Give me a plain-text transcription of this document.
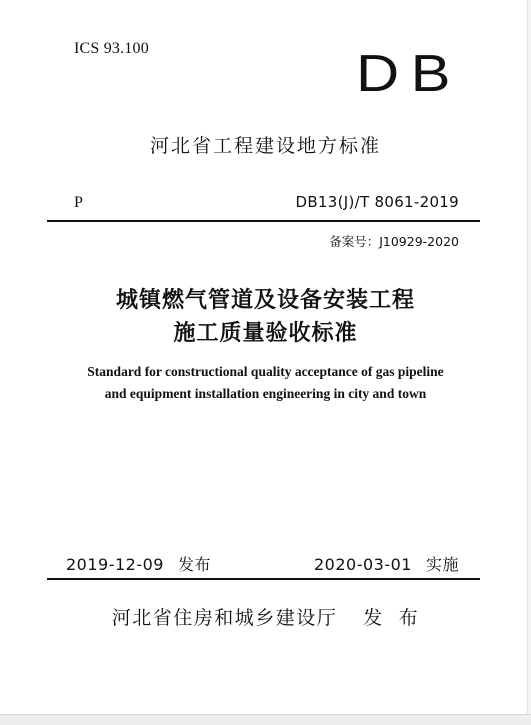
ICS 93.100	DB
河北省工程建设地方标准
P	DB13(J)/T 8061-2019
备案号：J10929-2020
城镇燃气管道及设备安装工程
施工质量验收标准
Standard for constructional quality acceptance of gas pipeline
and equipment installation engineering in city and town
2019-12-09 发布	2020-03-01 实施
河北省住房和城乡建设厅 发  布
